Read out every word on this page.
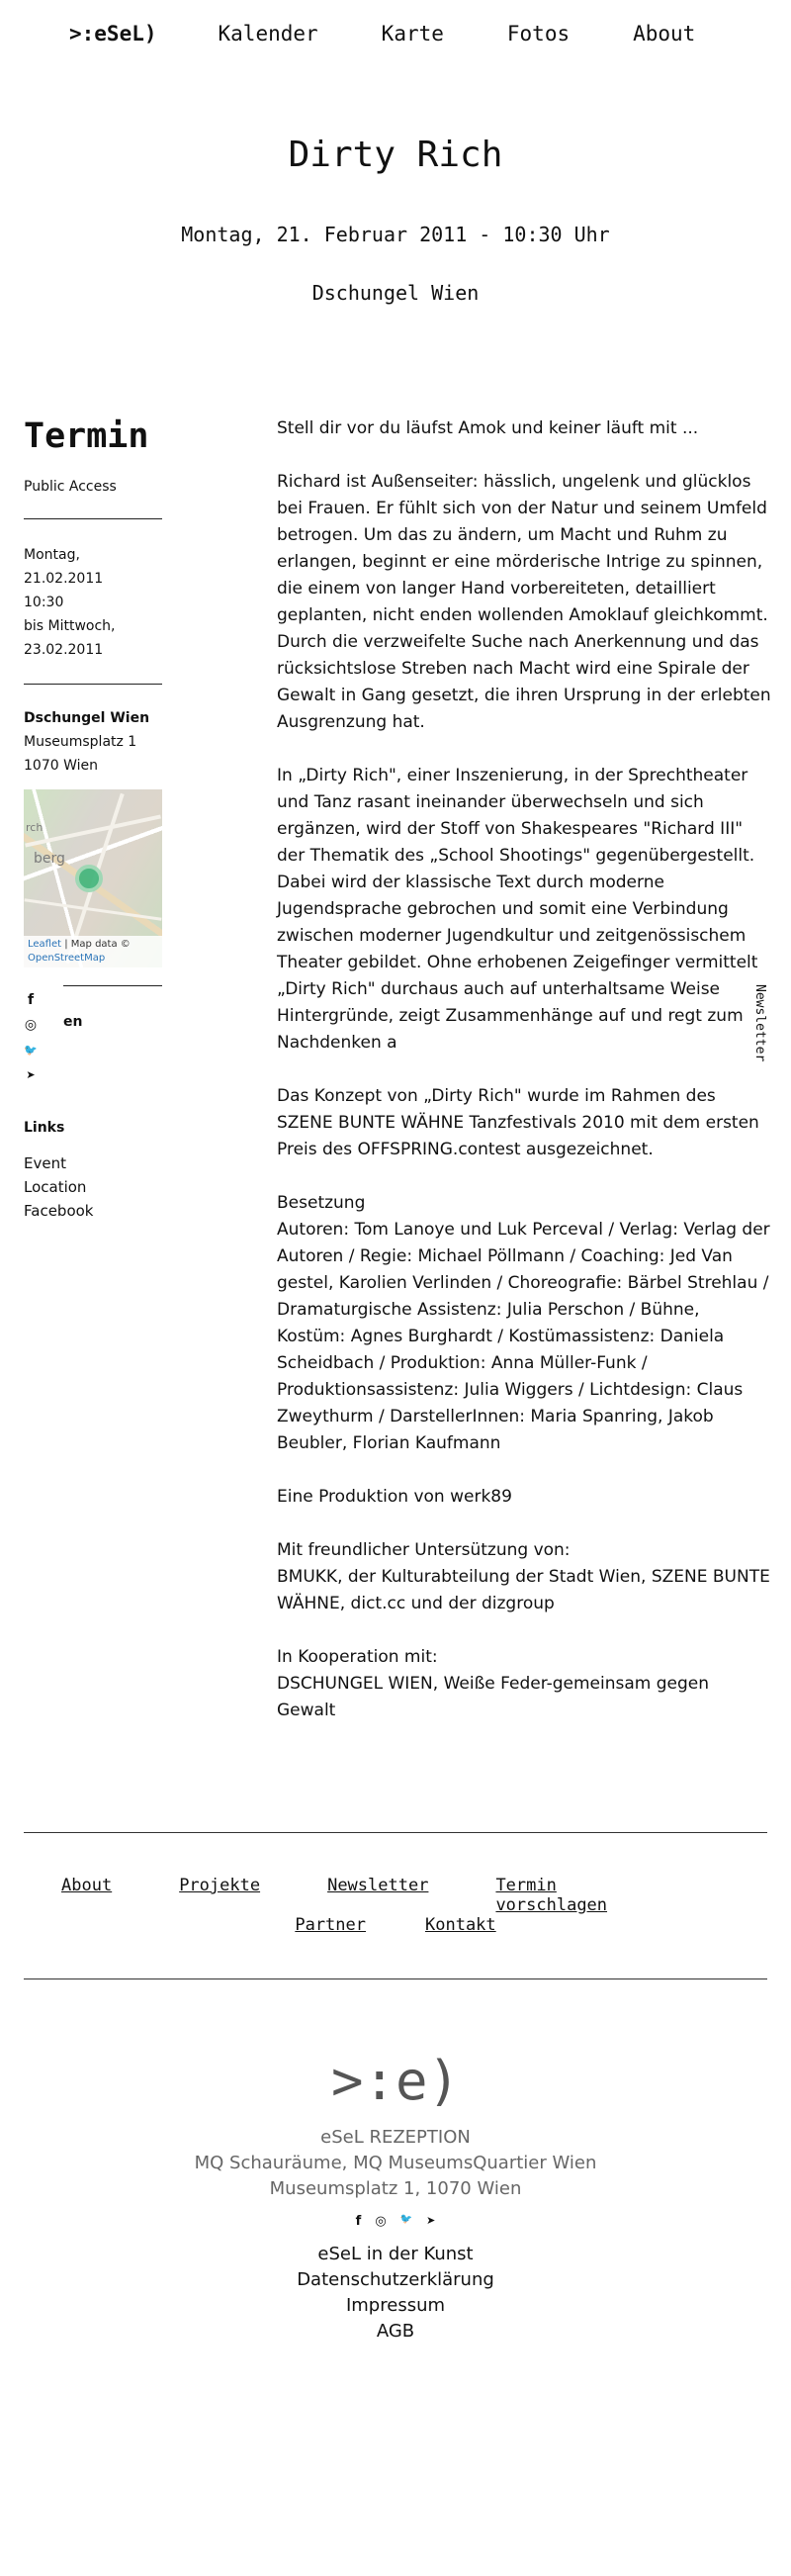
>:eSeL)	Kalender	Karte	Fotos	About
Dirty Rich
Montag, 21. Februar 2011 - 10:30 Uhr
Dschungel Wien
Termin
Public Access
Montag, 21.02.2011
10:30
bis Mittwoch,
23.02.2011
Dschungel Wien
Museumsplatz 1
1070 Wien
rch
berg
Leaflet | Map data ©
OpenStreetMap
f
◎ en
🐦
➤
Links
Event
Location
Facebook

Stell dir vor du läufst Amok und keiner läuft mit ...

Richard ist Außenseiter: hässlich, ungelenk und glücklos bei Frauen. Er fühlt sich von der Natur und seinem Umfeld betrogen. Um das zu ändern, um Macht und Ruhm zu erlangen, beginnt er eine mörderische Intrige zu spinnen, die einem von langer Hand vorbereiteten, detailliert geplanten, nicht enden wollenden Amoklauf gleichkommt. Durch die verzweifelte Suche nach Anerkennung und das rücksichtslose Streben nach Macht wird eine Spirale der Gewalt in Gang gesetzt, die ihren Ursprung in der erlebten Ausgrenzung hat.

In „Dirty Rich", einer Inszenierung, in der Sprechtheater und Tanz rasant ineinander überwechseln und sich ergänzen, wird der Stoff von Shakespeares "Richard III" der Thematik des „School Shootings" gegenübergestellt. Dabei wird der klassische Text durch moderne Jugendsprache gebrochen und somit eine Verbindung zwischen moderner Jugendkultur und zeitgenössischem Theater gebildet. Ohne erhobenen Zeigefinger vermittelt „Dirty Rich" durchaus auch auf unterhaltsame Weise Hintergründe, zeigt Zusammenhänge auf und regt zum Nachdenken a

Das Konzept von „Dirty Rich" wurde im Rahmen des SZENE BUNTE WÄHNE Tanzfestivals 2010 mit dem ersten Preis des OFFSPRING.contest ausgezeichnet.

Besetzung
Autoren: Tom Lanoye und Luk Perceval / Verlag: Verlag der Autoren / Regie: Michael Pöllmann / Coaching: Jed Van gestel, Karolien Verlinden / Choreografie: Bärbel Strehlau / Dramaturgische Assistenz: Julia Perschon / Bühne, Kostüm: Agnes Burghardt / Kostümassistenz: Daniela Scheidbach / Produktion: Anna Müller-Funk / Produktionsassistenz: Julia Wiggers / Lichtdesign: Claus Zweythurm / DarstellerInnen: Maria Spanring, Jakob Beubler, Florian Kaufmann

Eine Produktion von werk89

Mit freundlicher Untersützung von:
BMUKK, der Kulturabteilung der Stadt Wien, SZENE BUNTE WÄHNE, dict.cc und der dizgroup

In Kooperation mit:
DSCHUNGEL WIEN, Weiße Feder-gemeinsam gegen Gewalt

Newsletter
About	Projekte	Newsletter	Termin vorschlagen
Partner	Kontakt
>:e)
eSeL REZEPTION
MQ Schauräume, MQ MuseumsQuartier Wien
Museumsplatz 1, 1070 Wien
f ◎ 🐦 ➤
eSeL in der Kunst
Datenschutzerklärung
Impressum
AGB
